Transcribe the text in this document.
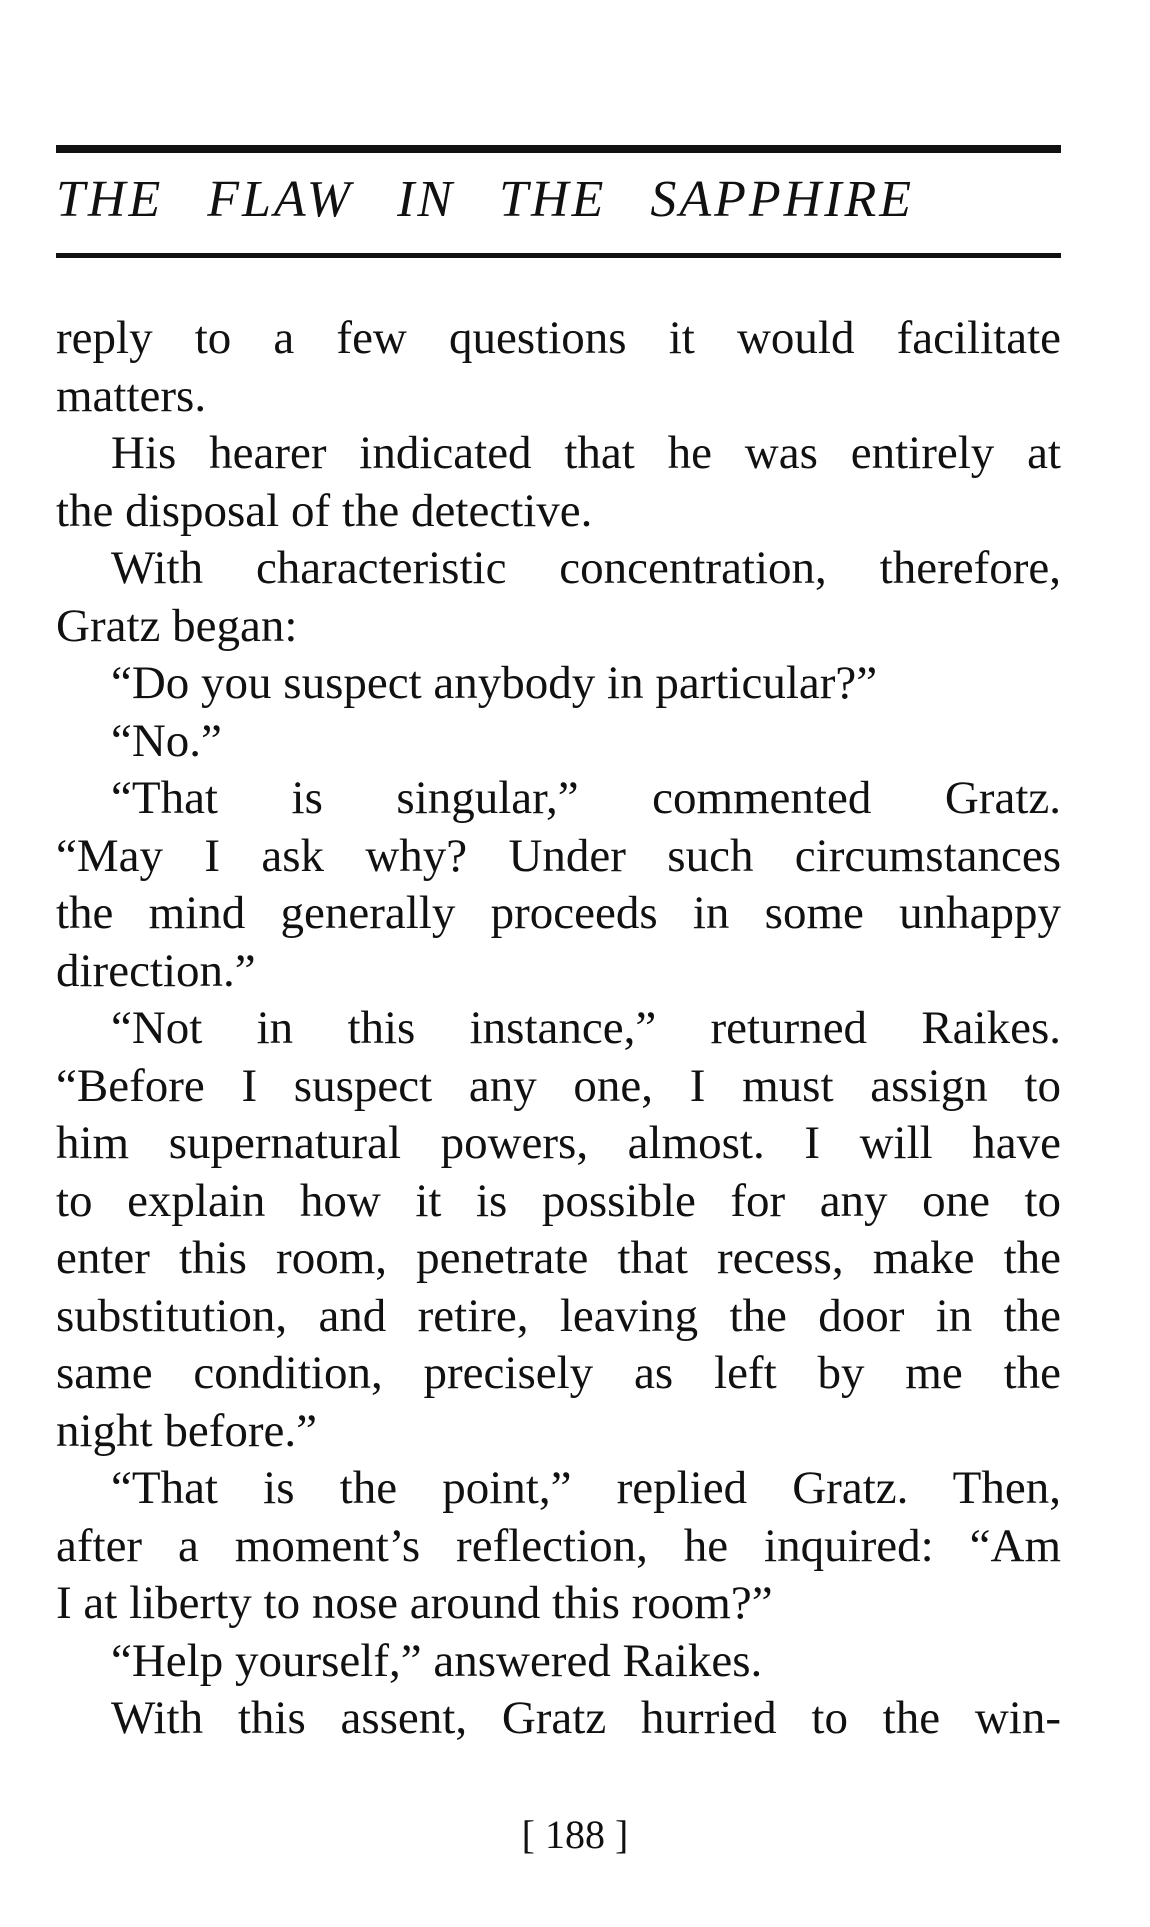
THE FLAW IN THE SAPPHIRE
reply to a few questions it would facilitate
matters.
His hearer indicated that he was entirely at
the disposal of the detective.
With characteristic concentration, therefore,
Gratz began:
“Do you suspect anybody in particular?”
“No.”
“That is singular,” commented Gratz.
“May I ask why? Under such circumstances
the mind generally proceeds in some unhappy
direction.”
“Not in this instance,” returned Raikes.
“Before I suspect any one, I must assign to
him supernatural powers, almost. I will have
to explain how it is possible for any one to
enter this room, penetrate that recess, make the
substitution, and retire, leaving the door in the
same condition, precisely as left by me the
night before.”
“That is the point,” replied Gratz. Then,
after a moment’s reflection, he inquired: “Am
I at liberty to nose around this room?”
“Help yourself,” answered Raikes.
With this assent, Gratz hurried to the win-
[ 188 ]
